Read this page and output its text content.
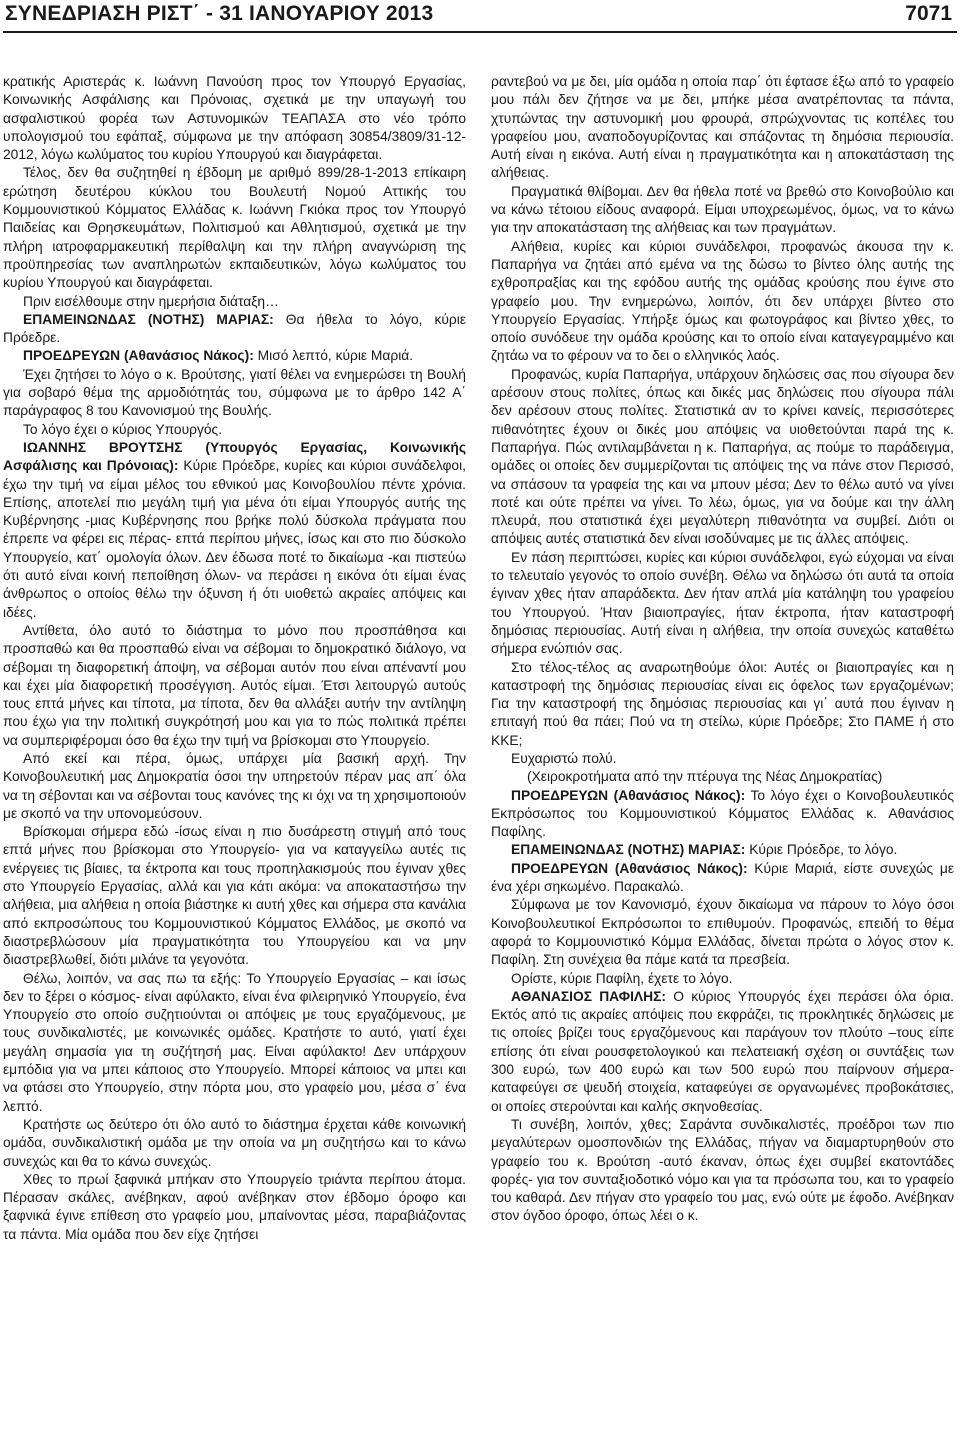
ΣΥΝΕΔΡΙΑΣΗ ΡΙΣΤ΄ - 31 ΙΑΝΟΥΑΡΙΟΥ 2013	7071

κρατικής Αριστεράς κ. Ιωάννη Πανούση προς τον Υπουργό Εργασίας, Κοινωνικής Ασφάλισης και Πρόνοιας, σχετικά με την υπαγωγή του ασφαλιστικού φορέα των Αστυνομικών ΤΕΑΠΑΣΑ στο νέο τρόπο υπολογισμού του εφάπαξ, σύμφωνα με την απόφαση 30854/3809/31-12-2012, λόγω κωλύματος του κυρίου Υπουργού και διαγράφεται.

Τέλος, δεν θα συζητηθεί η έβδομη με αριθμό 899/28-1-2013 επίκαιρη ερώτηση δευτέρου κύκλου του Βουλευτή Νομού Αττικής του Κομμουνιστικού Κόμματος Ελλάδας κ. Ιωάννη Γκιόκα προς τον Υπουργό Παιδείας και Θρησκευμάτων, Πολιτισμού και Αθλητισμού, σχετικά με την πλήρη ιατροφαρμακευτική περίθαλψη και την πλήρη αναγνώριση της προϋπηρεσίας των αναπληρωτών εκπαιδευτικών, λόγω κωλύματος του κυρίου Υπουργού και διαγράφεται.

Πριν εισέλθουμε στην ημερήσια διάταξη…

ΕΠΑΜΕΙΝΩΝΔΑΣ (ΝΟΤΗΣ) ΜΑΡΙΑΣ: Θα ήθελα το λόγο, κύριε Πρόεδρε.

ΠΡΟΕΔΡΕΥΩΝ (Αθανάσιος Νάκος): Μισό λεπτό, κύριε Μαριά.

Έχει ζητήσει το λόγο ο κ. Βρούτσης, γιατί θέλει να ενημερώσει τη Βουλή για σοβαρό θέμα της αρμοδιότητάς του, σύμφωνα με το άρθρο 142 Α΄ παράγραφος 8 του Κανονισμού της Βουλής.

Το λόγο έχει ο κύριος Υπουργός.

ΙΩΑΝΝΗΣ ΒΡΟΥΤΣΗΣ (Υπουργός Εργασίας, Κοινωνικής Ασφάλισης και Πρόνοιας): Κύριε Πρόεδρε, κυρίες και κύριοι συνάδελφοι, έχω την τιμή να είμαι μέλος του εθνικού μας Κοινοβουλίου πέντε χρόνια. Επίσης, αποτελεί πιο μεγάλη τιμή για μένα ότι είμαι Υπουργός αυτής της Κυβέρνησης -μιας Κυβέρνησης που βρήκε πολύ δύσκολα πράγματα που έπρεπε να φέρει εις πέρας- επτά περίπου μήνες, ίσως και στο πιο δύσκολο Υπουργείο, κατ΄ ομολογία όλων. Δεν έδωσα ποτέ το δικαίωμα -και πιστεύω ότι αυτό είναι κοινή πεποίθηση όλων- να περάσει η εικόνα ότι είμαι ένας άνθρωπος ο οποίος θέλω την όξυνση ή ότι υιοθετώ ακραίες απόψεις και ιδέες.

Αντίθετα, όλο αυτό το διάστημα το μόνο που προσπάθησα και προσπαθώ και θα προσπαθώ είναι να σέβομαι το δημοκρατικό διάλογο, να σέβομαι τη διαφορετική άποψη, να σέβομαι αυτόν που είναι απέναντί μου και έχει μία διαφορετική προσέγγιση. Αυτός είμαι. Έτσι λειτουργώ αυτούς τους επτά μήνες και τίποτα, μα τίποτα, δεν θα αλλάξει αυτήν την αντίληψη που έχω για την πολιτική συγκρότησή μου και για το πώς πολιτικά πρέπει να συμπεριφέρομαι όσο θα έχω την τιμή να βρίσκομαι στο Υπουργείο.

Από εκεί και πέρα, όμως, υπάρχει μία βασική αρχή. Την Κοινοβουλευτική μας Δημοκρατία όσοι την υπηρετούν πέραν μας απ΄ όλα να τη σέβονται και να σέβονται τους κανόνες της κι όχι να τη χρησιμοποιούν με σκοπό να την υπονομεύσουν.

Βρίσκομαι σήμερα εδώ -ίσως είναι η πιο δυσάρεστη στιγμή από τους επτά μήνες που βρίσκομαι στο Υπουργείο- για να καταγγείλω αυτές τις ενέργειες τις βίαιες, τα έκτροπα και τους προπηλακισμούς που έγιναν χθες στο Υπουργείο Εργασίας, αλλά και για κάτι ακόμα: να αποκαταστήσω την αλήθεια, μια αλήθεια η οποία βιάστηκε κι αυτή χθες και σήμερα στα κανάλια από εκπροσώπους του Κομμουνιστικού Κόμματος Ελλάδος, με σκοπό να διαστρεβλώσουν μία πραγματικότητα του Υπουργείου και να μην διαστρεβλωθεί, διότι μιλάνε τα γεγονότα.

Θέλω, λοιπόν, να σας πω τα εξής: Το Υπουργείο Εργασίας – και ίσως δεν το ξέρει ο κόσμος- είναι αφύλακτο, είναι ένα φιλειρηνικό Υπουργείο, ένα Υπουργείο στο οποίο συζητιούνται οι απόψεις με τους εργαζόμενους, με τους συνδικαλιστές, με κοινωνικές ομάδες. Κρατήστε το αυτό, γιατί έχει μεγάλη σημασία για τη συζήτησή μας. Είναι αφύλακτο! Δεν υπάρχουν εμπόδια για να μπει κάποιος στο Υπουργείο. Μπορεί κάποιος να μπει και να φτάσει στο Υπουργείο, στην πόρτα μου, στο γραφείο μου, μέσα σ΄ ένα λεπτό.

Κρατήστε ως δεύτερο ότι όλο αυτό το διάστημα έρχεται κάθε κοινωνική ομάδα, συνδικαλιστική ομάδα με την οποία να μη συζητήσω και το κάνω συνεχώς και θα το κάνω συνεχώς.

Χθες το πρωί ξαφνικά μπήκαν στο Υπουργείο τριάντα περίπου άτομα. Πέρασαν σκάλες, ανέβηκαν, αφού ανέβηκαν στον έβδομο όροφο και ξαφνικά έγινε επίθεση στο γραφείο μου, μπαίνοντας μέσα, παραβιάζοντας τα πάντα. Μία ομάδα που δεν είχε ζητήσει

ραντεβού να με δει, μία ομάδα η οποία παρ΄ ότι έφτασε έξω από το γραφείο μου πάλι δεν ζήτησε να με δει, μπήκε μέσα ανατρέποντας τα πάντα, χτυπώντας την αστυνομική μου φρουρά, σπρώχνοντας τις κοπέλες του γραφείου μου, αναποδογυρίζοντας και σπάζοντας τη δημόσια περιουσία. Αυτή είναι η εικόνα. Αυτή είναι η πραγματικότητα και η αποκατάσταση της αλήθειας.

Πραγματικά θλίβομαι. Δεν θα ήθελα ποτέ να βρεθώ στο Κοινοβούλιο και να κάνω τέτοιου είδους αναφορά. Είμαι υποχρεωμένος, όμως, να το κάνω για την αποκατάσταση της αλήθειας και των πραγμάτων.

Αλήθεια, κυρίες και κύριοι συνάδελφοι, προφανώς άκουσα την κ. Παπαρήγα να ζητάει από εμένα να της δώσω το βίντεο όλης αυτής της εχθροπραξίας και της εφόδου αυτής της ομάδας κρούσης που έγινε στο γραφείο μου. Την ενημερώνω, λοιπόν, ότι δεν υπάρχει βίντεο στο Υπουργείο Εργασίας. Υπήρξε όμως και φωτογράφος και βίντεο χθες, το οποίο συνόδευε την ομάδα κρούσης και το οποίο είναι καταγεγραμμένο και ζητάω να το φέρουν να το δει ο ελληνικός λαός.

Προφανώς, κυρία Παπαρήγα, υπάρχουν δηλώσεις σας που σίγουρα δεν αρέσουν στους πολίτες, όπως και δικές μας δηλώσεις που σίγουρα πάλι δεν αρέσουν στους πολίτες. Στατιστικά αν το κρίνει κανείς, περισσότερες πιθανότητες έχουν οι δικές μου απόψεις να υιοθετούνται παρά της κ. Παπαρήγα. Πώς αντιλαμβάνεται η κ. Παπαρήγα, ας πούμε το παράδειγμα, ομάδες οι οποίες δεν συμμερίζονται τις απόψεις της να πάνε στον Περισσό, να σπάσουν τα γραφεία της και να μπουν μέσα; Δεν το θέλω αυτό να γίνει ποτέ και ούτε πρέπει να γίνει. Το λέω, όμως, για να δούμε και την άλλη πλευρά, που στατιστικά έχει μεγαλύτερη πιθανότητα να συμβεί. Διότι οι απόψεις αυτές στατιστικά δεν είναι ισοδύναμες με τις άλλες απόψεις.

Εν πάση περιπτώσει, κυρίες και κύριοι συνάδελφοι, εγώ εύχομαι να είναι το τελευταίο γεγονός το οποίο συνέβη. Θέλω να δηλώσω ότι αυτά τα οποία έγιναν χθες ήταν απαράδεκτα. Δεν ήταν απλά μία κατάληψη του γραφείου του Υπουργού. Ήταν βιαιοπραγίες, ήταν έκτροπα, ήταν καταστροφή δημόσιας περιουσίας. Αυτή είναι η αλήθεια, την οποία συνεχώς καταθέτω σήμερα ενώπιόν σας.

Στο τέλος-τέλος ας αναρωτηθούμε όλοι: Αυτές οι βιαιοπραγίες και η καταστροφή της δημόσιας περιουσίας είναι εις όφελος των εργαζομένων; Για την καταστροφή της δημόσιας περιουσίας και γι΄ αυτά που έγιναν η επιταγή πού θα πάει; Πού να τη στείλω, κύριε Πρόεδρε; Στο ΠΑΜΕ ή στο ΚΚΕ;

Ευχαριστώ πολύ.

(Χειροκροτήματα από την πτέρυγα της Νέας Δημοκρατίας)

ΠΡΟΕΔΡΕΥΩΝ (Αθανάσιος Νάκος): Το λόγο έχει ο Κοινοβουλευτικός Εκπρόσωπος του Κομμουνιστικού Κόμματος Ελλάδας κ. Αθανάσιος Παφίλης.

ΕΠΑΜΕΙΝΩΝΔΑΣ (ΝΟΤΗΣ) ΜΑΡΙΑΣ: Κύριε Πρόεδρε, το λόγο.

ΠΡΟΕΔΡΕΥΩΝ (Αθανάσιος Νάκος): Κύριε Μαριά, είστε συνεχώς με ένα χέρι σηκωμένο. Παρακαλώ.

Σύμφωνα με τον Κανονισμό, έχουν δικαίωμα να πάρουν το λόγο όσοι Κοινοβουλευτικοί Εκπρόσωποι το επιθυμούν. Προφανώς, επειδή το θέμα αφορά το Κομμουνιστικό Κόμμα Ελλάδας, δίνεται πρώτα ο λόγος στον κ. Παφίλη. Στη συνέχεια θα πάμε κατά τα πρεσβεία.

Ορίστε, κύριε Παφίλη, έχετε το λόγο.

ΑΘΑΝΑΣΙΟΣ ΠΑΦΙΛΗΣ: Ο κύριος Υπουργός έχει περάσει όλα όρια. Εκτός από τις ακραίες απόψεις που εκφράζει, τις προκλητικές δηλώσεις με τις οποίες βρίζει τους εργαζόμενους και παράγουν τον πλούτο –τους είπε επίσης ότι είναι ρουσφετολογικού και πελατειακή σχέση οι συντάξεις των 300 ευρώ, των 400 ευρώ και των 500 ευρώ που παίρνουν σήμερα- καταφεύγει σε ψευδή στοιχεία, καταφεύγει σε οργανωμένες προβοκάτσιες, οι οποίες στερούνται και καλής σκηνοθεσίας.

Τι συνέβη, λοιπόν, χθες; Σαράντα συνδικαλιστές, προέδροι των πιο μεγαλύτερων ομοσπονδιών της Ελλάδας, πήγαν να διαμαρτυρηθούν στο γραφείο του κ. Βρούτση -αυτό έκαναν, όπως έχει συμβεί εκατοντάδες φορές- για τον συνταξιοδοτικό νόμο και για τα πρόσωπα του, και το γραφείο του καθαρά. Δεν πήγαν στο γραφείο του μας, ενώ ούτε με έφοδο. Ανέβηκαν στον όγδοο όροφο, όπως λέει ο κ.
